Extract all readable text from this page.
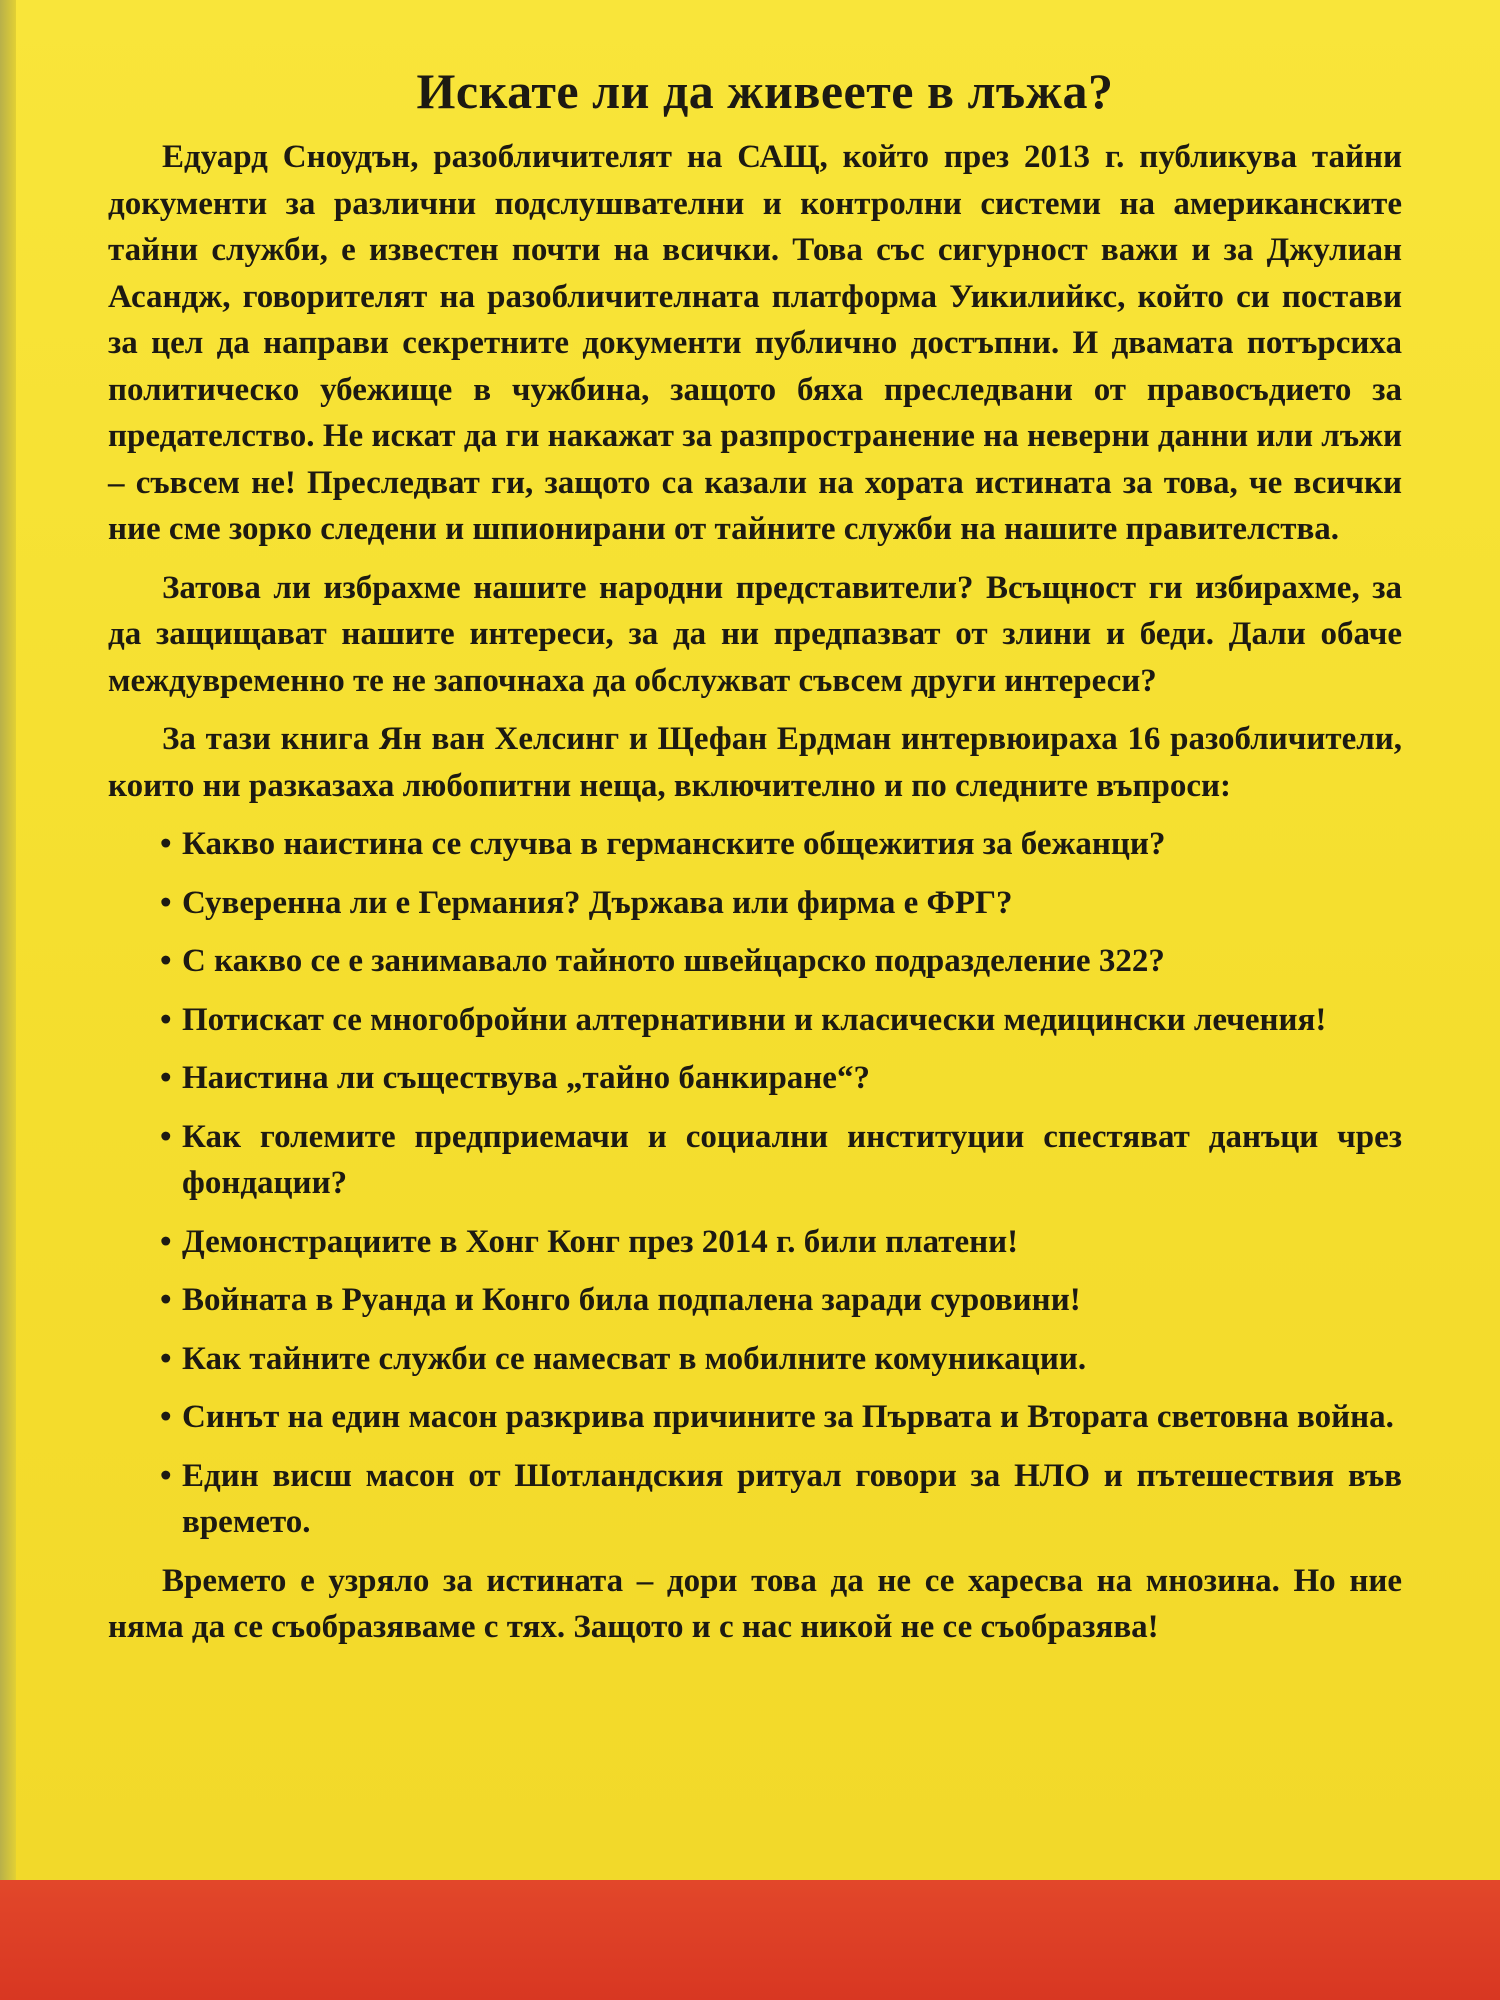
Искате ли да живеете в лъжа?

Едуард Сноудън, разобличителят на САЩ, който през 2013 г. публикува тайни документи за различни подслушвателни и контролни системи на американските тайни служби, е известен почти на всички. Това със сигурност важи и за Джулиан Асандж, говорителят на разобличителната платформа Уикилийкс, който си постави за цел да направи секретните документи публично достъпни. И двамата потърсиха политическо убежище в чужбина, защото бяха преследвани от правосъдието за предателство. Не искат да ги накажат за разпространение на неверни данни или лъжи – съвсем не! Преследват ги, защото са казали на хората истината за това, че всички ние сме зорко следени и шпионирани от тайните служби на нашите правителства.

Затова ли избрахме нашите народни представители? Всъщност ги избирахме, за да защищават нашите интереси, за да ни предпазват от злини и беди. Дали обаче междувременно те не започнаха да обслужват съвсем други интереси?

За тази книга Ян ван Хелсинг и Щефан Ердман интервюираха 16 разобличители, които ни разказаха любопитни неща, включително и по следните въпроси:

• Какво наистина се случва в германските общежития за бежанци?
• Суверенна ли е Германия? Държава или фирма е ФРГ?
• С какво се е занимавало тайното швейцарско подразделение 322?
• Потискат се многобройни алтернативни и класически медицински лечения!
• Наистина ли съществува „тайно банкиране“?
• Как големите предприемачи и социални институции спестяват данъци чрез фондации?
• Демонстрациите в Хонг Конг през 2014 г. били платени!
• Войната в Руанда и Конго била подпалена заради суровини!
• Как тайните служби се намесват в мобилните комуникации.
• Синът на един масон разкрива причините за Първата и Втората световна война.
• Един висш масон от Шотландския ритуал говори за НЛО и пътешествия във времето.

Времето е узряло за истината – дори това да не се харесва на мнозина. Но ние няма да се съобразяваме с тях. Защото и с нас никой не се съобразява!
